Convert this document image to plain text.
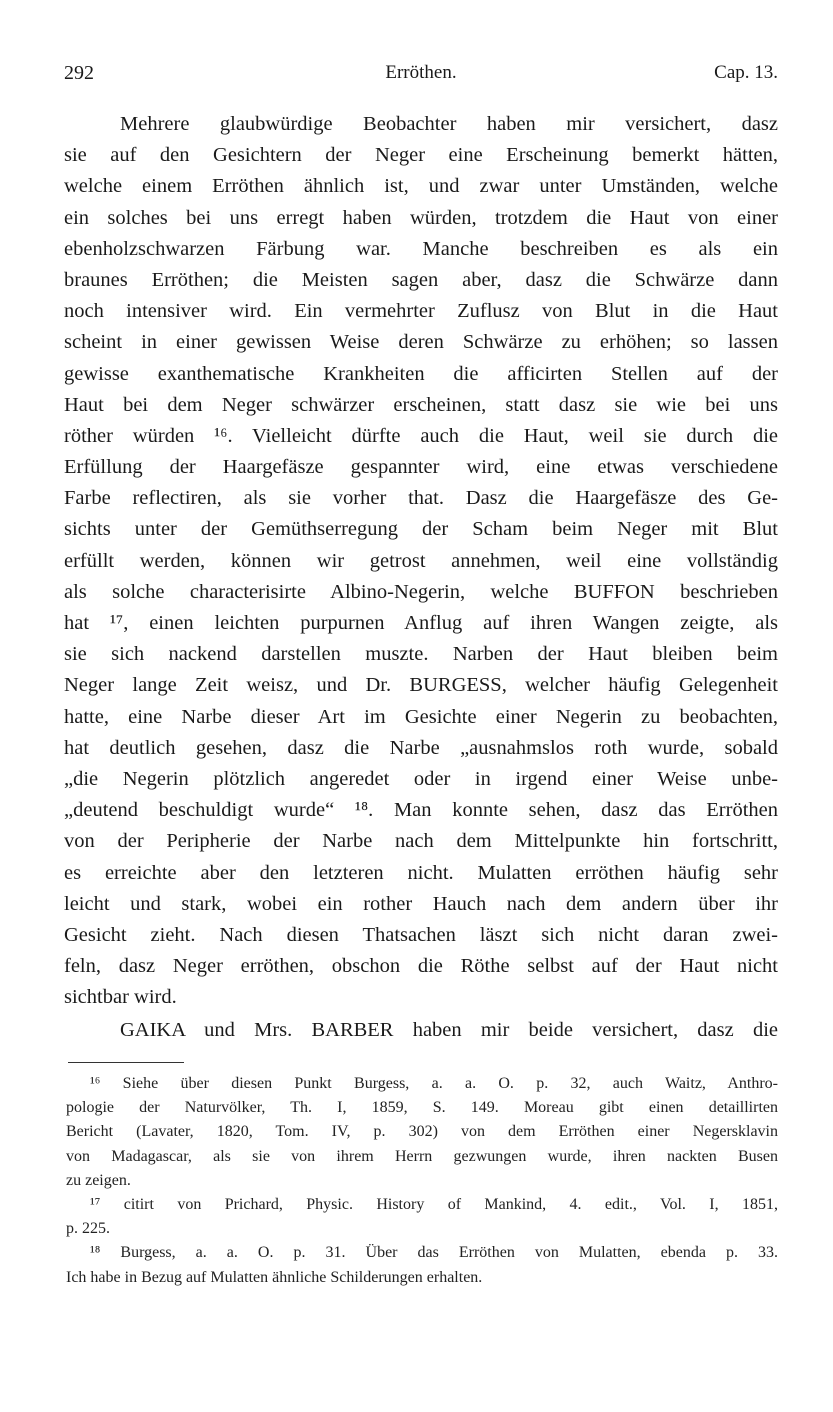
292	Erröthen.	Cap. 13.
Mehrere glaubwürdige Beobachter haben mir versichert, dasz
sie auf den Gesichtern der Neger eine Erscheinung bemerkt hätten,
welche einem Erröthen ähnlich ist, und zwar unter Umständen, welche
ein solches bei uns erregt haben würden, trotzdem die Haut von einer
ebenholzschwarzen Färbung war. Manche beschreiben es als ein
braunes Erröthen; die Meisten sagen aber, dasz die Schwärze dann
noch intensiver wird. Ein vermehrter Zuflusz von Blut in die Haut
scheint in einer gewissen Weise deren Schwärze zu erhöhen; so lassen
gewisse exanthematische Krankheiten die afficirten Stellen auf der
Haut bei dem Neger schwärzer erscheinen, statt dasz sie wie bei uns
röther würden ¹⁶. Vielleicht dürfte auch die Haut, weil sie durch die
Erfüllung der Haargefäsze gespannter wird, eine etwas verschiedene
Farbe reflectiren, als sie vorher that. Dasz die Haargefäsze des Ge-
sichts unter der Gemüthserregung der Scham beim Neger mit Blut
erfüllt werden, können wir getrost annehmen, weil eine vollständig
als solche characterisirte Albino-Negerin, welche BUFFON beschrieben
hat ¹⁷, einen leichten purpurnen Anflug auf ihren Wangen zeigte, als
sie sich nackend darstellen muszte. Narben der Haut bleiben beim
Neger lange Zeit weisz, und Dr. BURGESS, welcher häufig Gelegenheit
hatte, eine Narbe dieser Art im Gesichte einer Negerin zu beobachten,
hat deutlich gesehen, dasz die Narbe „ausnahmslos roth wurde, sobald
„die Negerin plötzlich angeredet oder in irgend einer Weise unbe-
„deutend beschuldigt wurde“ ¹⁸. Man konnte sehen, dasz das Erröthen
von der Peripherie der Narbe nach dem Mittelpunkte hin fortschritt,
es erreichte aber den letzteren nicht. Mulatten erröthen häufig sehr
leicht und stark, wobei ein rother Hauch nach dem andern über ihr
Gesicht zieht. Nach diesen Thatsachen läszt sich nicht daran zwei-
feln, dasz Neger erröthen, obschon die Röthe selbst auf der Haut nicht
sichtbar wird.
GAIKA und Mrs. BARBER haben mir beide versichert, dasz die
¹⁶ Siehe über diesen Punkt Burgess, a. a. O. p. 32, auch Waitz, Anthro-
pologie der Naturvölker, Th. I, 1859, S. 149. Moreau gibt einen detaillirten
Bericht (Lavater, 1820, Tom. IV, p. 302) von dem Erröthen einer Negersklavin
von Madagascar, als sie von ihrem Herrn gezwungen wurde, ihren nackten Busen
zu zeigen.
¹⁷ citirt von Prichard, Physic. History of Mankind, 4. edit., Vol. I, 1851,
p. 225.
¹⁸ Burgess, a. a. O. p. 31. Über das Erröthen von Mulatten, ebenda p. 33.
Ich habe in Bezug auf Mulatten ähnliche Schilderungen erhalten.
